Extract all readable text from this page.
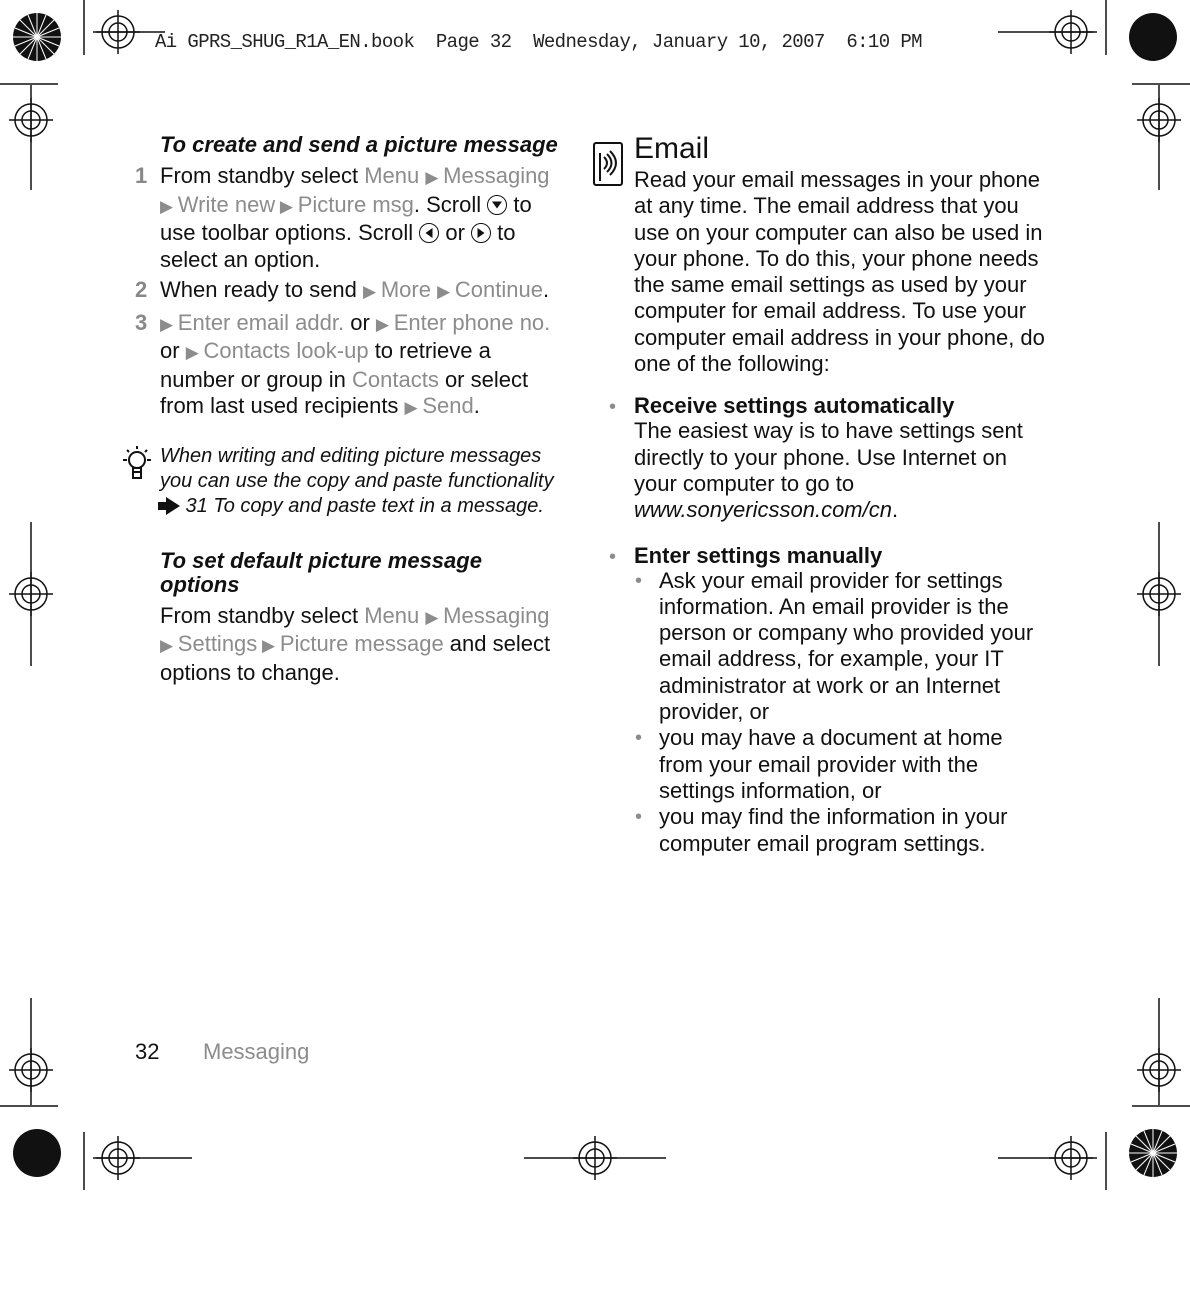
Ai GPRS_SHUG_R1A_EN.book  Page 32  Wednesday, January 10, 2007  6:10 PM
To create and send a picture message
1 From standby select Menu ▶ Messaging ▶ Write new ▶ Picture msg. Scroll  to use toolbar options. Scroll  or  to select an option.
2 When ready to send ▶ More ▶ Continue.
3 ▶ Enter email addr. or ▶ Enter phone no. or ▶ Contacts look-up to retrieve a number or group in Contacts or select from last used recipients ▶ Send.
When writing and editing picture messages you can use the copy and paste functionality 31 To copy and paste text in a message.
To set default picture message options
From standby select Menu ▶ Messaging ▶ Settings ▶ Picture message and select options to change.
Email
Read your email messages in your phone at any time. The email address that you use on your computer can also be used in your phone. To do this, your phone needs the same email settings as used by your computer for email address. To use your computer email address in your phone, do one of the following:
• Receive settings automatically
The easiest way is to have settings sent directly to your phone. Use Internet on your computer to go to www.sonyericsson.com/cn.
• Enter settings manually
• Ask your email provider for settings information. An email provider is the person or company who provided your email address, for example, your IT administrator at work or an Internet provider, or
• you may have a document at home from your email provider with the settings information, or
• you may find the information in your computer email program settings.
32 Messaging
